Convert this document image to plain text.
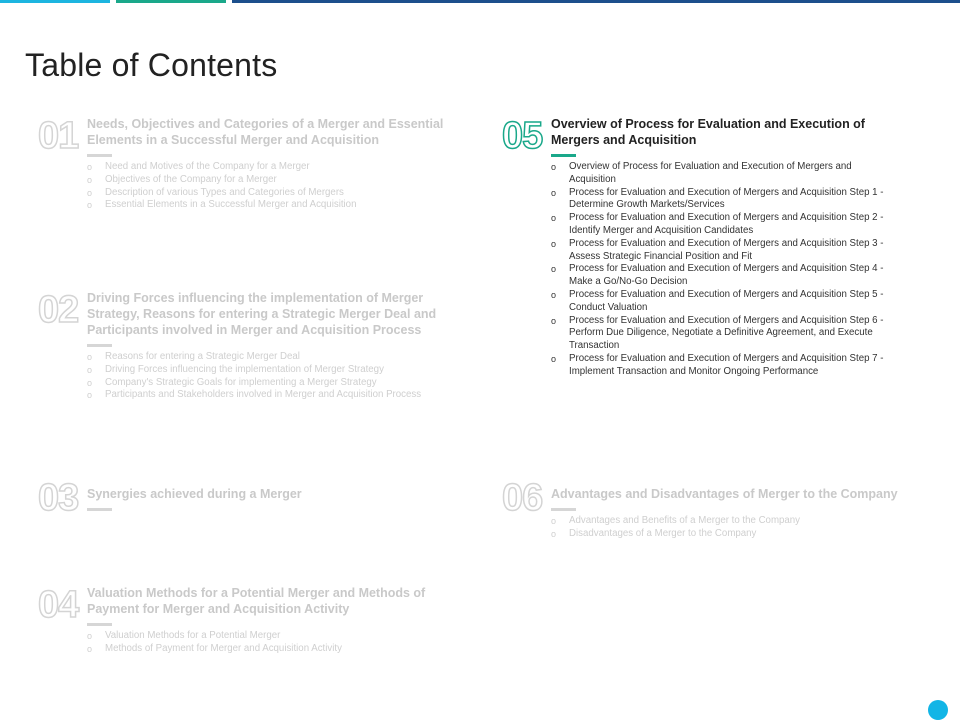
Table of Contents
01 Needs, Objectives and Categories of a Merger and Essential Elements in a Successful Merger and Acquisition

o Need and Motives of the Company for a Merger
o Objectives of the Company for a Merger
o Description of various Types and Categories of Mergers
o Essential Elements in a Successful Merger and Acquisition
02 Driving Forces influencing the implementation of Merger Strategy, Reasons for entering a Strategic Merger Deal and Participants involved in Merger and Acquisition Process

o Reasons for entering a Strategic Merger Deal
o Driving Forces influencing the implementation of Merger Strategy
o Company's Strategic Goals for implementing a Merger Strategy
o Participants and Stakeholders involved in Merger and Acquisition Process
03 Synergies achieved during a Merger

04 Valuation Methods for a Potential Merger and Methods of Payment for Merger and Acquisition Activity

o Valuation Methods for a Potential Merger
o Methods of Payment for Merger and Acquisition Activity
05 Overview of Process for Evaluation and Execution of Mergers and Acquisition

o Overview of Process for Evaluation and Execution of Mergers and Acquisition
o Process for Evaluation and Execution of Mergers and Acquisition Step 1 - Determine Growth Markets/Services
o Process for Evaluation and Execution of Mergers and Acquisition Step 2 - Identify Merger and Acquisition Candidates
o Process for Evaluation and Execution of Mergers and Acquisition Step 3 - Assess Strategic Financial Position and Fit
o Process for Evaluation and Execution of Mergers and Acquisition Step 4 - Make a Go/No-Go Decision
o Process for Evaluation and Execution of Mergers and Acquisition Step 5 - Conduct Valuation
o Process for Evaluation and Execution of Mergers and Acquisition Step 6 - Perform Due Diligence, Negotiate a Definitive Agreement, and Execute Transaction
o Process for Evaluation and Execution of Mergers and Acquisition Step 7 - Implement Transaction and Monitor Ongoing Performance
06 Advantages and Disadvantages of Merger to the Company

o Advantages and Benefits of a Merger to the Company
o Disadvantages of a Merger to the Company
